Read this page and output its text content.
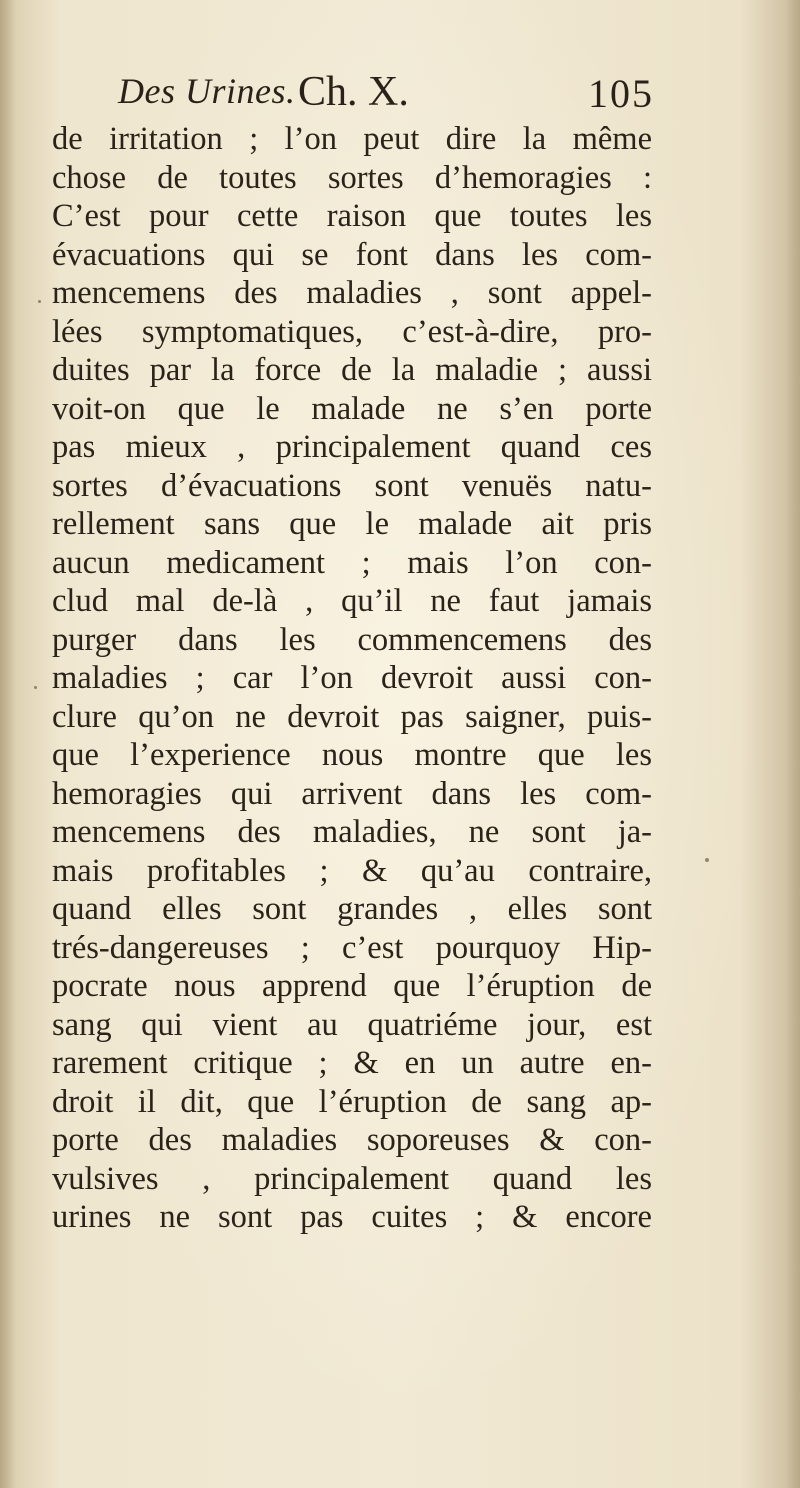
Des Urines. Ch. X.	105
de irritation ; l’on peut dire la même
chose de toutes sortes d’hemoragies :
C’est pour cette raison que toutes les
évacuations qui se font dans les com-
mencemens des maladies , sont appel-
lées symptomatiques, c’est-à-dire, pro-
duites par la force de la maladie ; aussi
voit-on que le malade ne s’en porte
pas mieux , principalement quand ces
sortes d’évacuations sont venuës natu-
rellement sans que le malade ait pris
aucun medicament ; mais l’on con-
clud mal de-là , qu’il ne faut jamais
purger dans les commencemens des
maladies ; car l’on devroit aussi con-
clure qu’on ne devroit pas saigner, puis-
que l’experience nous montre que les
hemoragies qui arrivent dans les com-
mencemens des maladies, ne sont ja-
mais profitables ; & qu’au contraire,
quand elles sont grandes , elles sont
trés-dangereuses ; c’est pourquoy Hip-
pocrate nous apprend que l’éruption de
sang qui vient au quatriéme jour, est
rarement critique ; & en un autre en-
droit il dit, que l’éruption de sang ap-
porte des maladies soporeuses & con-
vulsives , principalement quand les
urines ne sont pas cuites ; & encore
